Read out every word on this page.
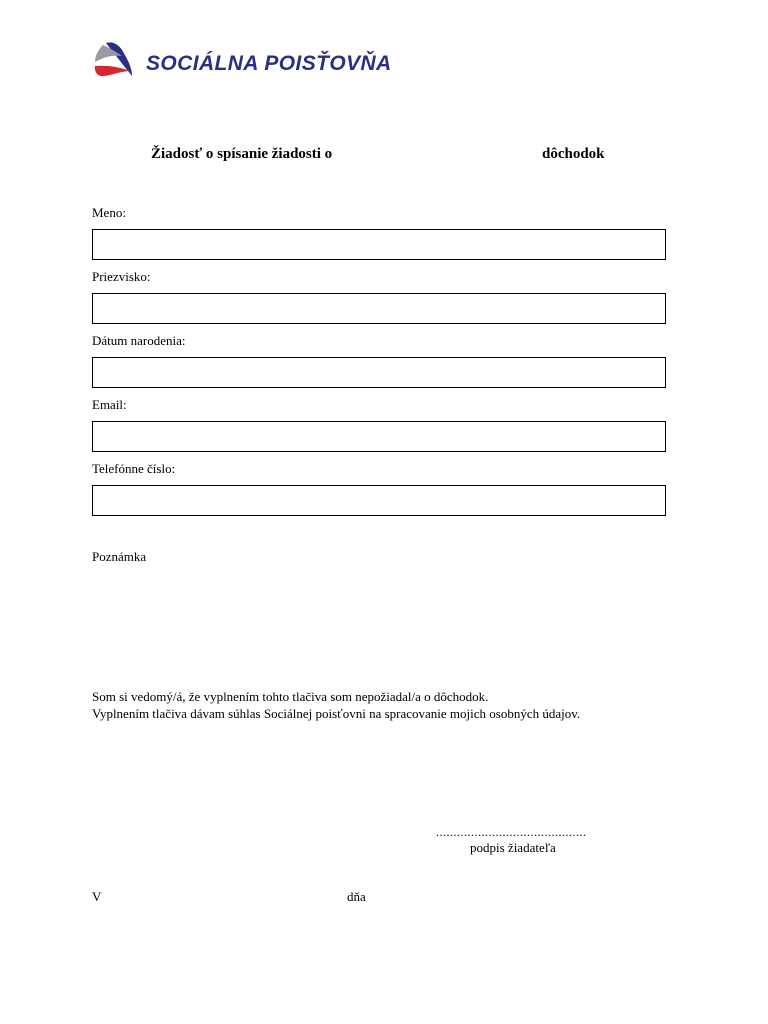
SOCIÁLNA POISŤOVŇA
Žiadosť o spísanie žiadosti o	dôchodok
Meno:
Priezvisko:
Dátum narodenia:
Email:
Telefónne číslo:
Poznámka
Som si vedomý/á, že vyplnením tohto tlačiva som nepožiadal/a o dôchodok.
Vyplnením tlačiva dávam súhlas Sociálnej poisťovni na spracovanie mojich osobných údajov.
...........................................
podpis žiadateľa
V	dňa
